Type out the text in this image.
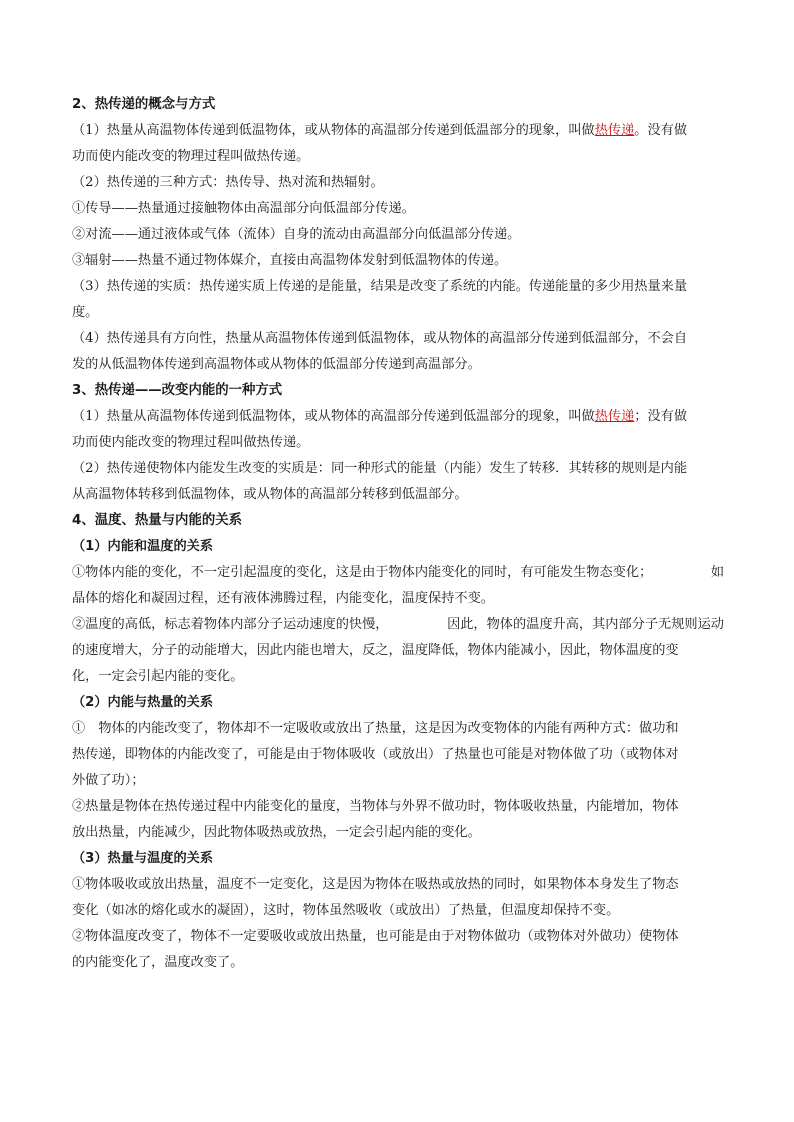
2、热传递的概念与方式
（1）热量从高温物体传递到低温物体，或从物体的高温部分传递到低温部分的现象，叫做热传递。没有做
功而使内能改变的物理过程叫做热传递。
（2）热传递的三种方式：热传导、热对流和热辐射。
①传导——热量通过接触物体由高温部分向低温部分传递。
②对流——通过液体或气体（流体）自身的流动由高温部分向低温部分传递。
③辐射——热量不通过物体媒介，直接由高温物体发射到低温物体的传递。
（3）热传递的实质：热传递实质上传递的是能量，结果是改变了系统的内能。传递能量的多少用热量来量
度。
（4）热传递具有方向性，热量从高温物体传递到低温物体，或从物体的高温部分传递到低温部分，不会自
发的从低温物体传递到高温物体或从物体的低温部分传递到高温部分。
3、热传递——改变内能的一种方式
（1）热量从高温物体传递到低温物体，或从物体的高温部分传递到低温部分的现象，叫做热传递；没有做
功而使内能改变的物理过程叫做热传递。
（2）热传递使物体内能发生改变的实质是：同一种形式的能量（内能）发生了转移．其转移的规则是内能
从高温物体转移到低温物体，或从物体的高温部分转移到低温部分。
4、温度、热量与内能的关系
（1）内能和温度的关系
①物体内能的变化，不一定引起温度的变化，这是由于物体内能变化的同时，有可能发生物态变化；	如
晶体的熔化和凝固过程，还有液体沸腾过程，内能变化，温度保持不变。
②温度的高低，标志着物体内部分子运动速度的快慢，	因此，物体的温度升高，其内部分子无规则运动
的速度增大，分子的动能增大，因此内能也增大，反之，温度降低，物体内能减小，因此，物体温度的变
化，一定会引起内能的变化。
（2）内能与热量的关系
①　物体的内能改变了，物体却不一定吸收或放出了热量，这是因为改变物体的内能有两种方式：做功和
热传递，即物体的内能改变了，可能是由于物体吸收（或放出）了热量也可能是对物体做了功（或物体对
外做了功）；
②热量是物体在热传递过程中内能变化的量度，当物体与外界不做功时，物体吸收热量，内能增加，物体
放出热量，内能减少，因此物体吸热或放热，一定会引起内能的变化。
（3）热量与温度的关系
①物体吸收或放出热量，温度不一定变化，这是因为物体在吸热或放热的同时，如果物体本身发生了物态
变化（如冰的熔化或水的凝固），这时，物体虽然吸收（或放出）了热量，但温度却保持不变。
②物体温度改变了，物体不一定要吸收或放出热量，也可能是由于对物体做功（或物体对外做功）使物体
的内能变化了，温度改变了。
